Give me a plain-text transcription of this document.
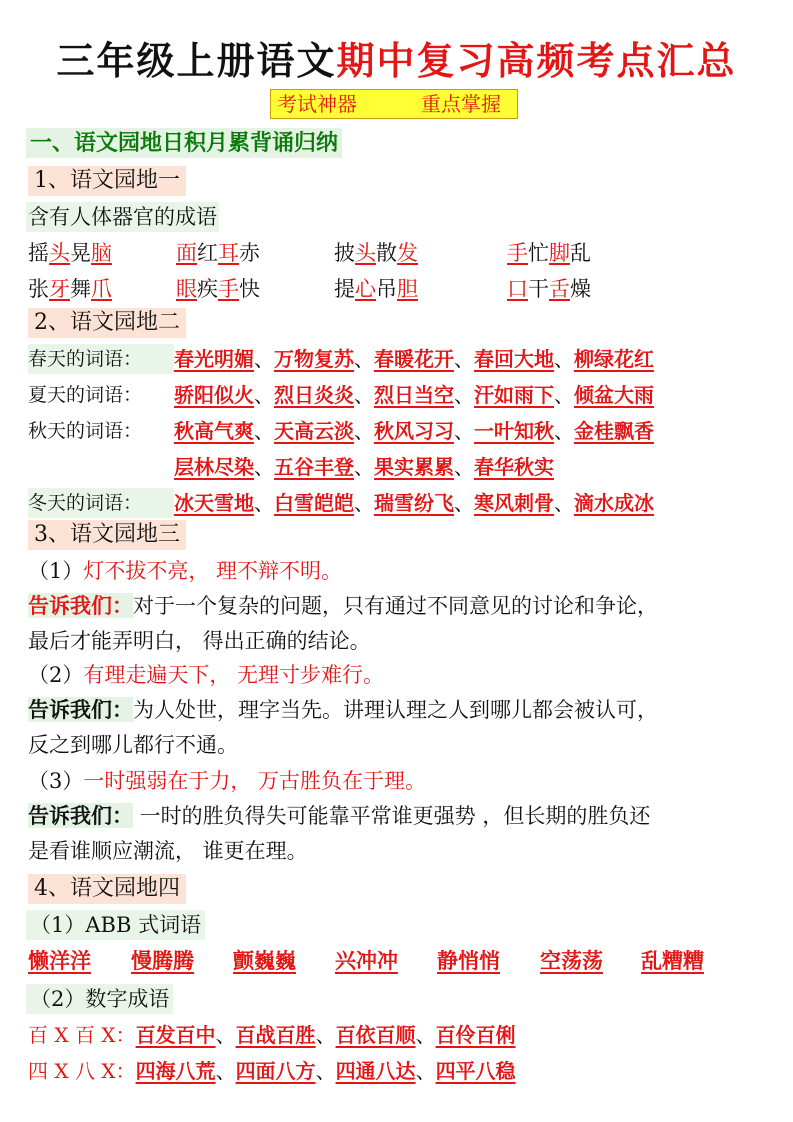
三年级上册语文期中复习高频考点汇总
考试神器	重点掌握
一、语文园地日积月累背诵归纳
1、语文园地一
含有人体器官的成语
摇头晃脑	面红耳赤	披头散发	手忙脚乱
张牙舞爪	眼疾手快	提心吊胆	口干舌燥
2、语文园地二
春天的词语：	春光明媚、万物复苏、春暖花开、春回大地、柳绿花红
夏天的词语：	骄阳似火、烈日炎炎、烈日当空、汗如雨下、倾盆大雨
秋天的词语：	秋高气爽、天高云淡、秋风习习、一叶知秋、金桂飘香
层林尽染、五谷丰登、果实累累、春华秋实
冬天的词语：	冰天雪地、白雪皑皑、瑞雪纷飞、寒风刺骨、滴水成冰
3、语文园地三
（1）灯不拔不亮， 理不辩不明。
告诉我们：对于一个复杂的问题，只有通过不同意见的讨论和争论，
最后才能弄明白， 得出正确的结论。
（2）有理走遍天下， 无理寸步难行。
告诉我们：为人处世，理字当先。讲理认理之人到哪儿都会被认可，
反之到哪儿都行不通。
（3）一时强弱在于力， 万古胜负在于理。
告诉我们： 一时的胜负得失可能靠平常谁更强势 ，但长期的胜负还
是看谁顺应潮流， 谁更在理。
4、语文园地四
（1）ABB 式词语
懒洋洋 慢腾腾 颤巍巍 兴冲冲 静悄悄 空荡荡 乱糟糟
（2）数字成语
百 X 百 X：百发百中、百战百胜、百依百顺、百伶百俐
四 X 八 X：四海八荒、四面八方、四通八达、四平八稳
